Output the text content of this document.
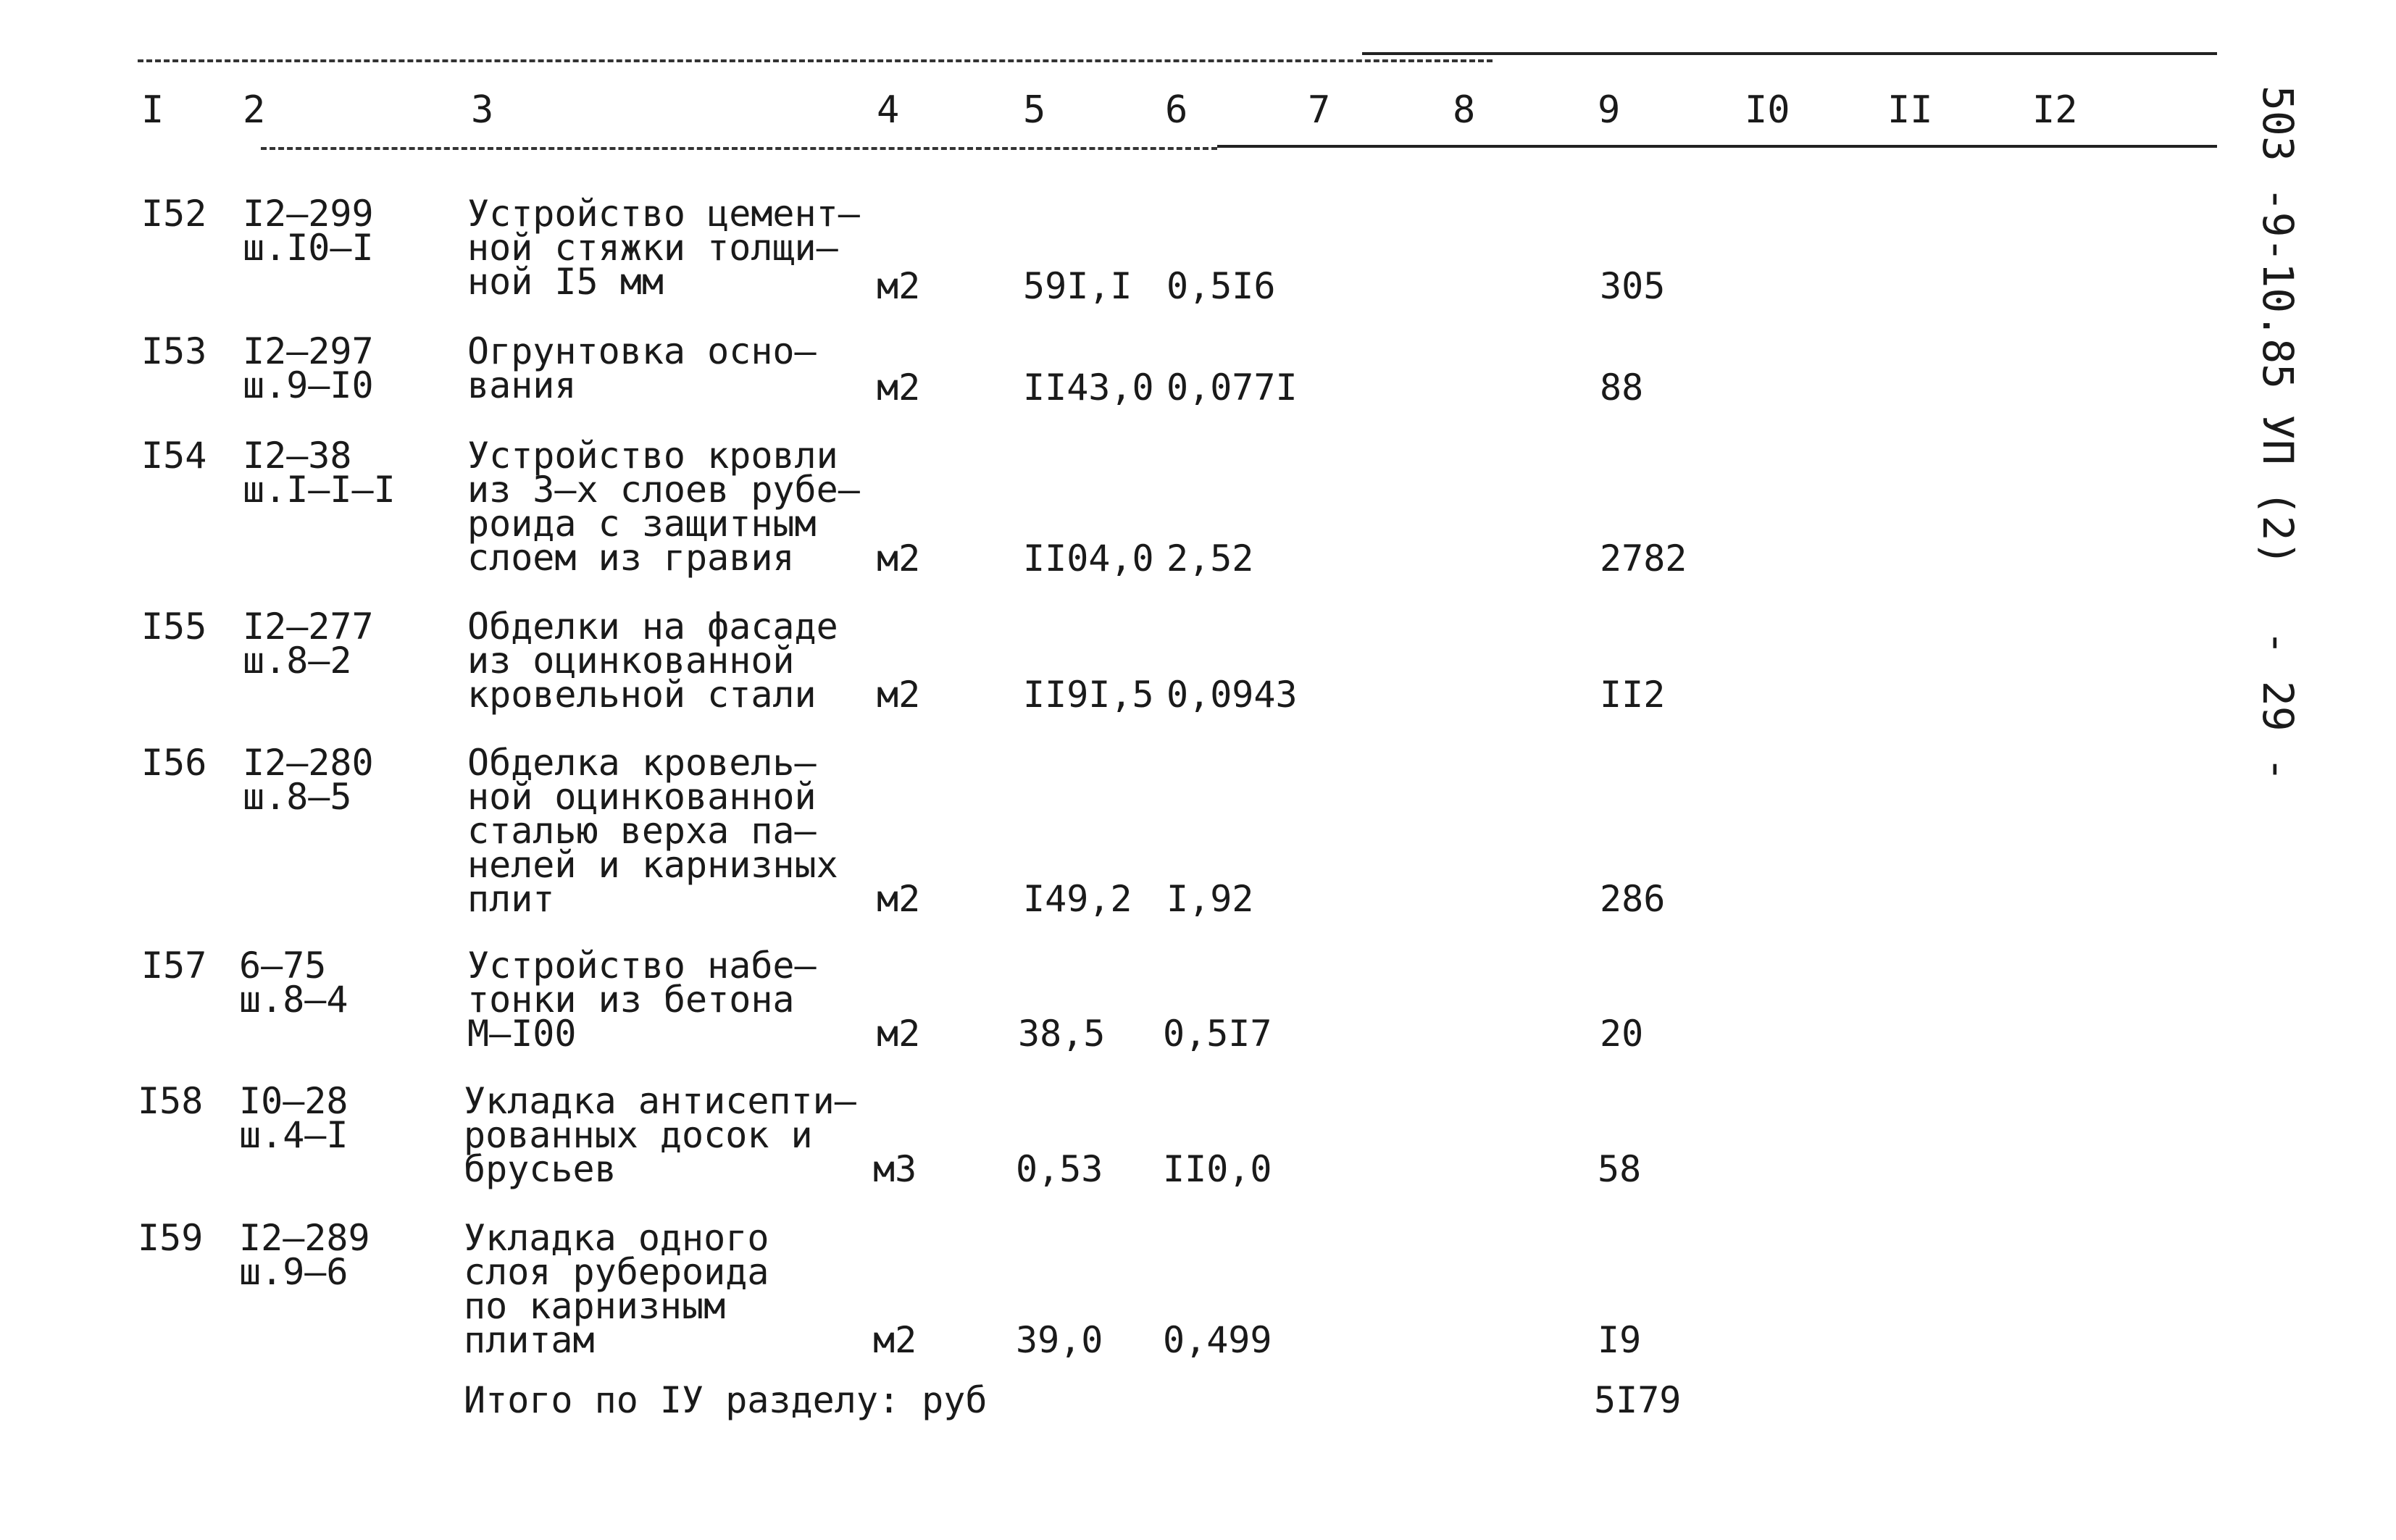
I 2	3	4	5	6	7	8	9	I0	II	I2
I52 I2–299
ш.I0–I
Устройство цемент–
ной стяжки толщи–
ной I5 мм	м2	59I,I 0,5I6	305
I53 I2–297
ш.9–I0
Огрунтовка осно–
вания	м2	II43,0 0,077I	88
I54 I2–38
ш.I–I–I
Устройство кровли
из 3–х слоев рубе–
роида с защитным
слоем из гравия	м2	II04,0 2,52	2782
I55 I2–277
ш.8–2
Обделки на фасаде
из оцинкованной
кровельной стали	м2	II9I,5 0,0943	II2
I56 I2–280
ш.8–5
Обделка кровель–
ной оцинкованной
сталью верха па–
нелей и карнизных
плит	м2	I49,2 I,92	286
I57 6–75
ш.8–4
Устройство набе–
тонки из бетона
М–I00	м2	38,5 0,5I7	20
I58 I0–28
ш.4–I
Укладка антисепти–
рованных досок и
брусьев	м3	0,53 II0,0	58
I59 I2–289
ш.9–6
Укладка одного
слоя рубероида
по карнизным
плитам	м2	39,0 0,499	I9
Итого по IУ разделу: руб	5I79
503 -9-10.85 УП (2)
- 29 -
